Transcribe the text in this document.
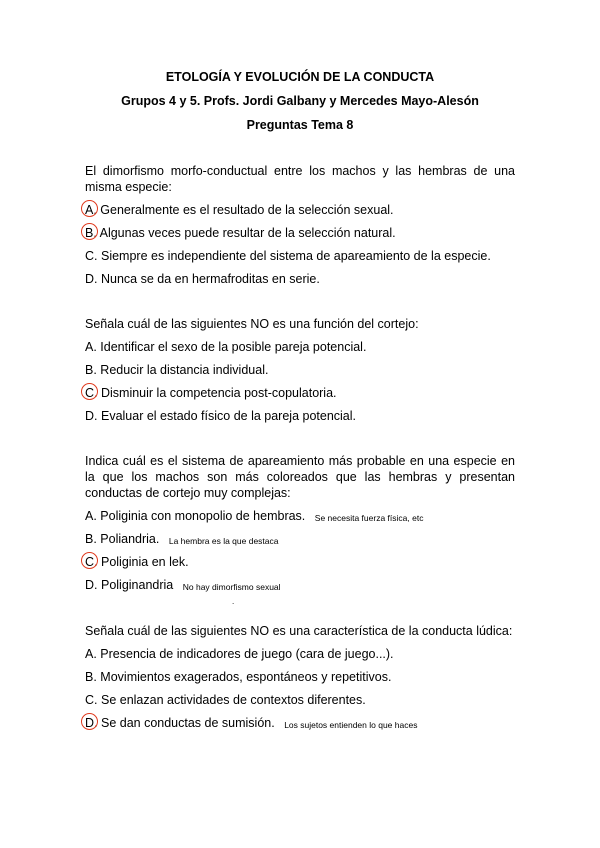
ETOLOGÍA Y EVOLUCIÓN DE LA CONDUCTA
Grupos 4 y 5. Profs. Jordi Galbany y Mercedes Mayo-Alesón
Preguntas Tema 8
El dimorfismo morfo-conductual entre los machos y las hembras de una misma especie:
A. Generalmente es el resultado de la selección sexual.
B. Algunas veces puede resultar de la selección natural.
C. Siempre es independiente del sistema de apareamiento de la especie.
D. Nunca se da en hermafroditas en serie.
Señala cuál de las siguientes NO es una función del cortejo:
A. Identificar el sexo de la posible pareja potencial.
B. Reducir la distancia individual.
C. Disminuir la competencia post-copulatoria.
D. Evaluar el estado físico de la pareja potencial.
Indica cuál es el sistema de apareamiento más probable en una especie en la que los machos son más coloreados que las hembras y presentan conductas de cortejo muy complejas:
A. Poliginia con monopolio de hembras. Se necesita fuerza física, etc
B. Poliandria. La hembra es la que destaca
C. Poliginia en lek.
D. Poliginandria No hay dimorfismo sexual
.
Señala cuál de las siguientes NO es una característica de la conducta lúdica:
A. Presencia de indicadores de juego (cara de juego...).
B. Movimientos exagerados, espontáneos y repetitivos.
C. Se enlazan actividades de contextos diferentes.
D. Se dan conductas de sumisión. Los sujetos entienden lo que haces
